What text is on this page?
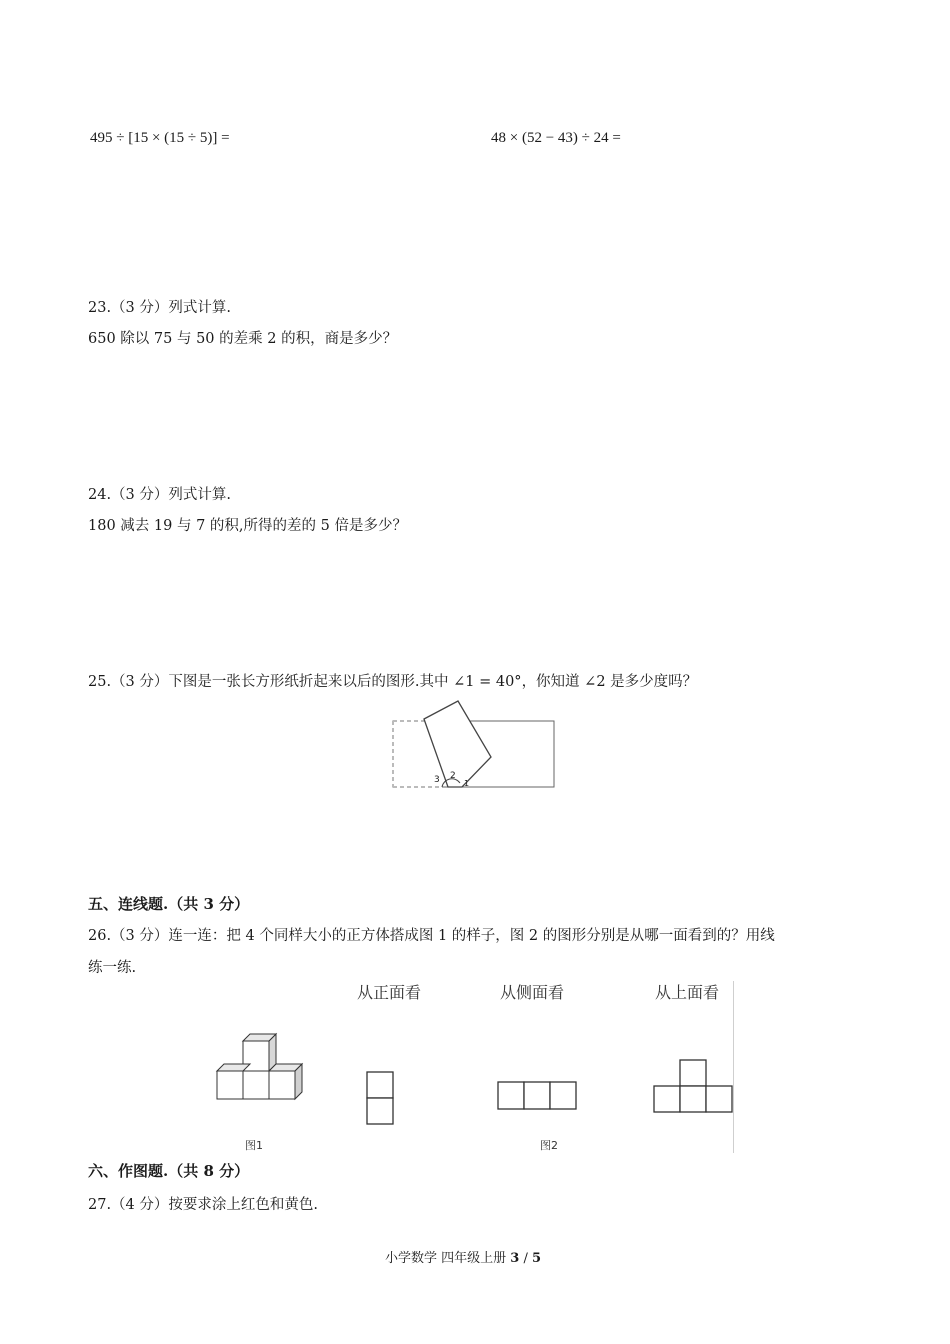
495 ÷ [15 × (15 ÷ 5)] =	48 × (52 − 43) ÷ 24 =
23.（3 分）列式计算.
650 除以 75 与 50 的差乘 2 的积，商是多少？
24.（3 分）列式计算.
180 减去 19 与 7 的积,所得的差的 5 倍是多少？
25.（3 分）下图是一张长方形纸折起来以后的图形.其中 ∠1 = 40°，你知道 ∠2 是多少度吗？
3 2
1
五、连线题.（共 3 分）
26.（3 分）连一连：把 4 个同样大小的正方体搭成图 1 的样子，图 2 的图形分别是从哪一面看到的？用线
练一练.
从正面看	从侧面看	从上面看
图1	图2
六、作图题.（共 8 分）
27.（4 分）按要求涂上红色和黄色.
小学数学 四年级上册 3 / 5
